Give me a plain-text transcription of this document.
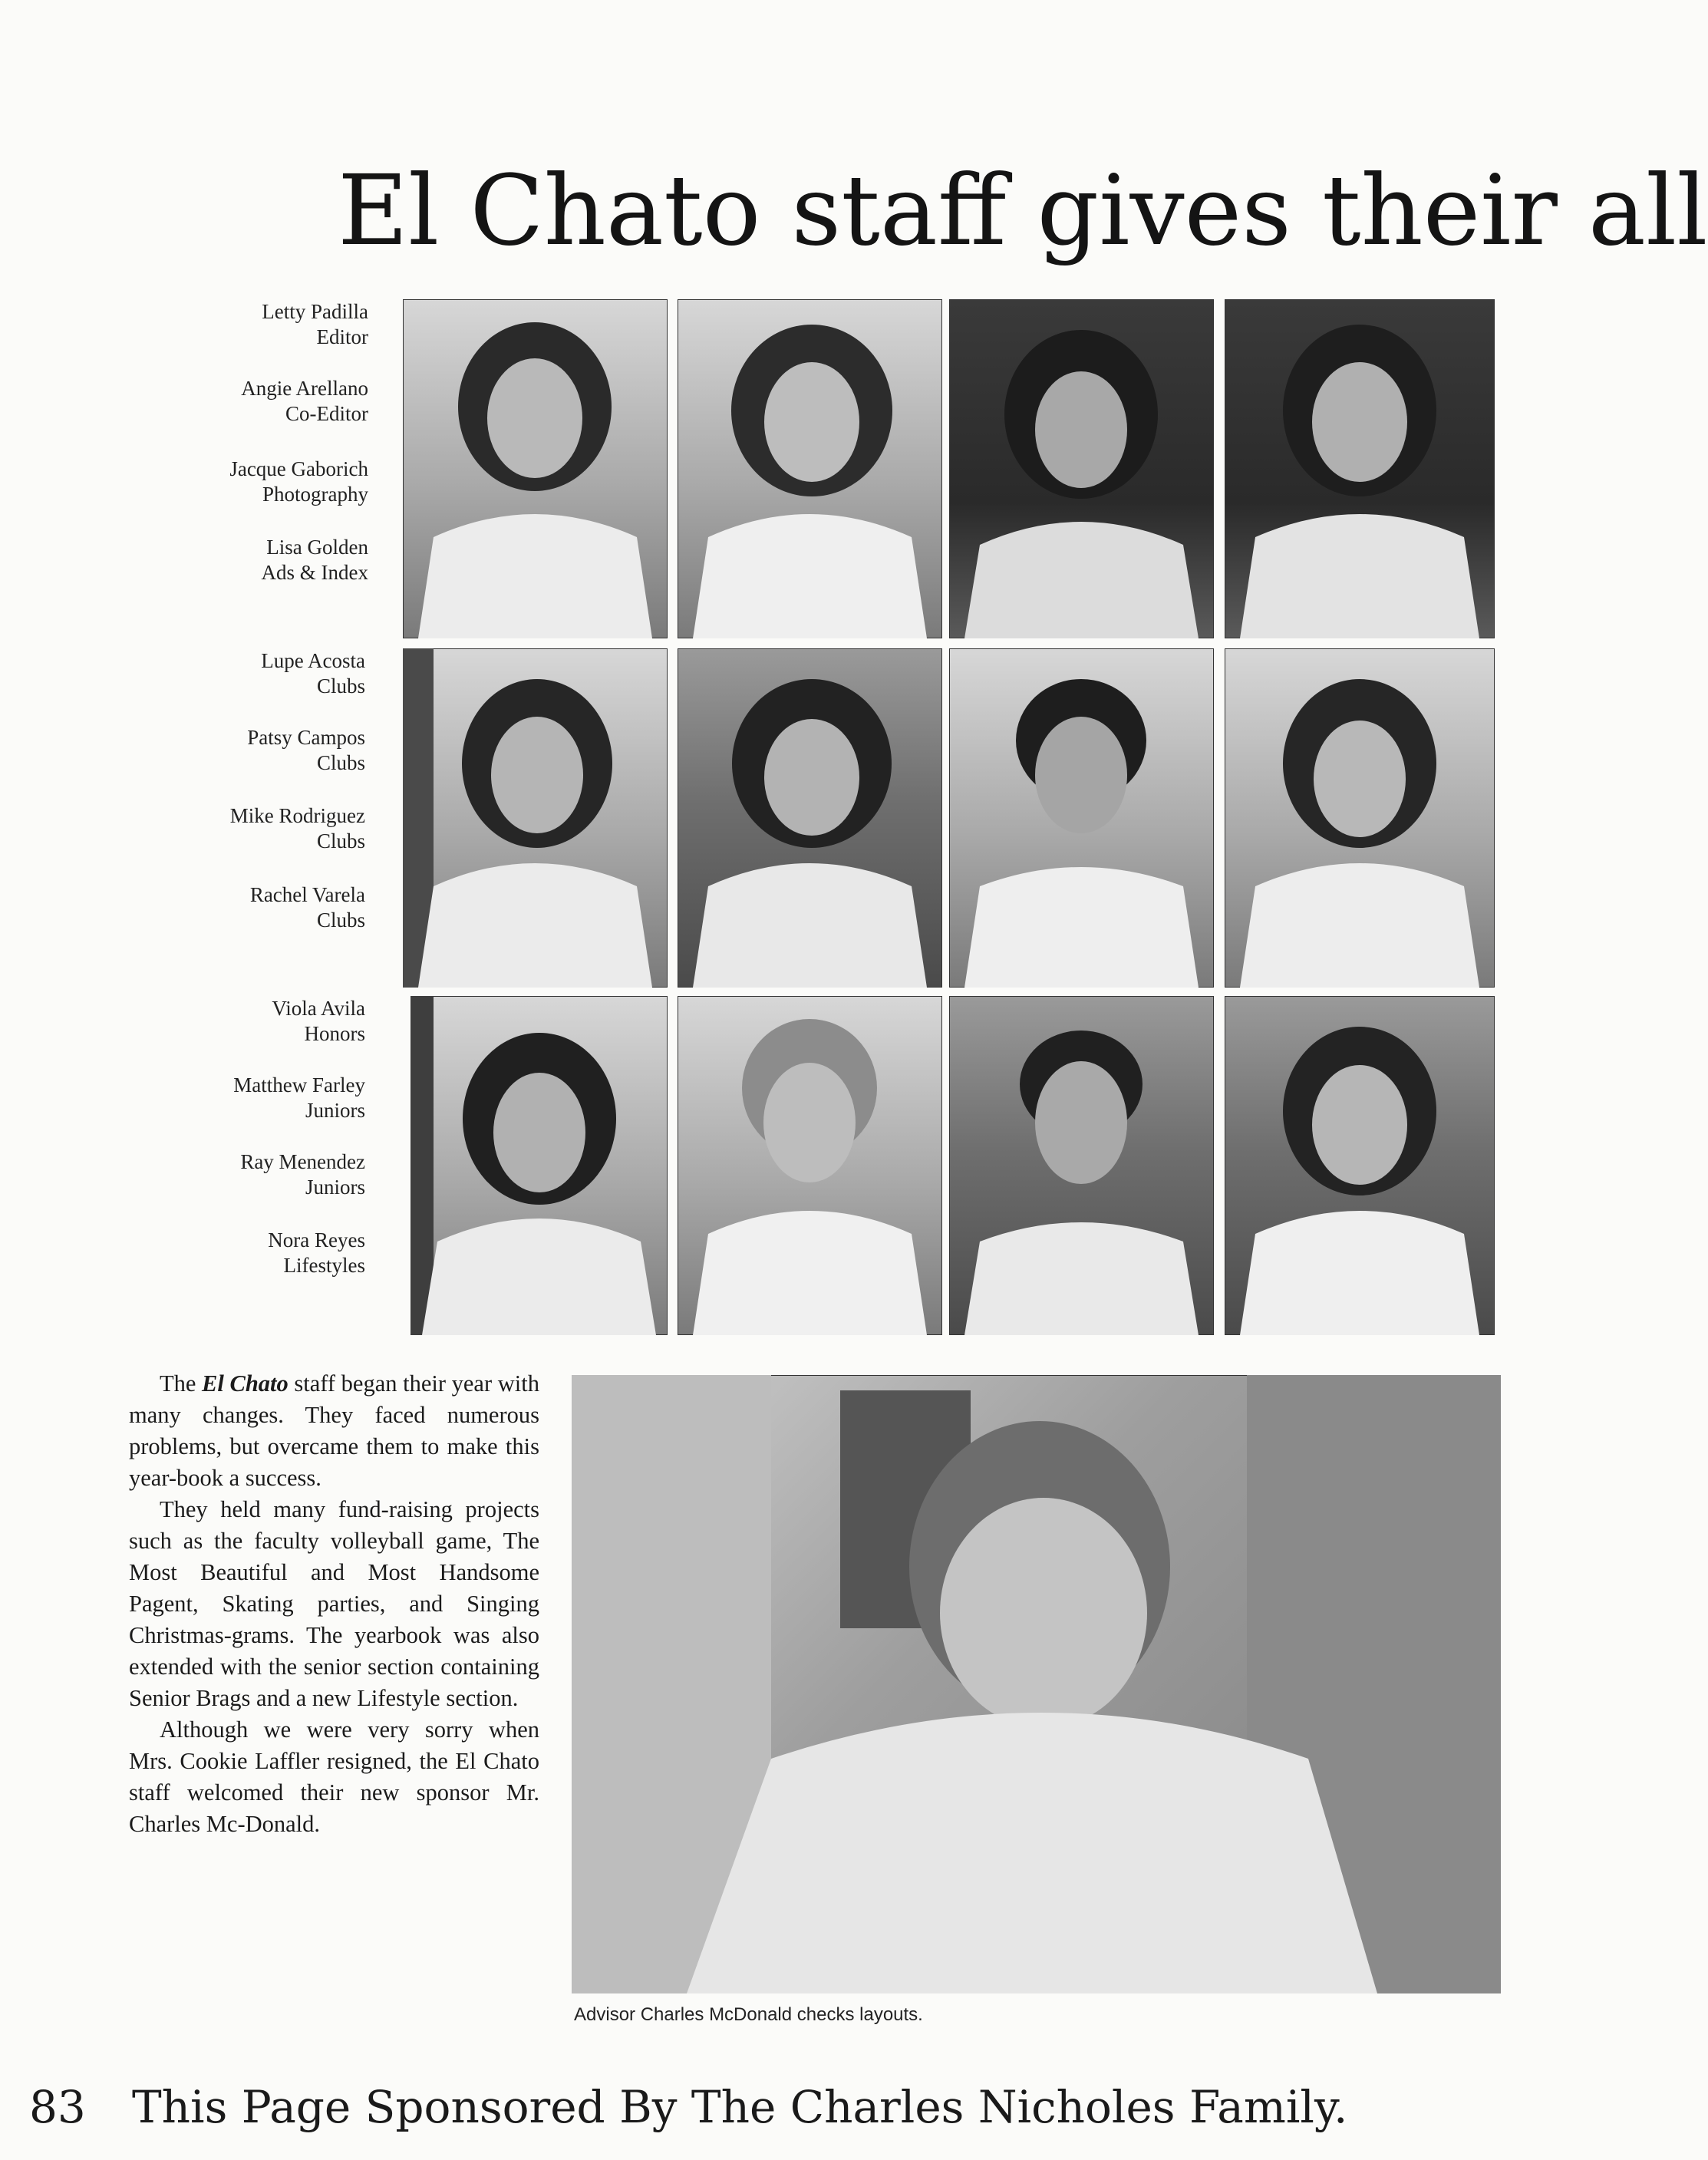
El Chato staff gives their all
Letty Padilla
Editor
Angie Arellano
Co-Editor
Jacque Gaborich
Photography
Lisa Golden
Ads & Index
Lupe Acosta
Clubs
Patsy Campos
Clubs
Mike Rodriguez
Clubs
Rachel Varela
Clubs
Viola Avila
Honors
Matthew Farley
Juniors
Ray Menendez
Juniors
Nora Reyes
Lifestyles

The El Chato staff began their year with many changes. They faced numerous problems, but overcame them to make this year-book a success.

They held many fund-raising projects such as the faculty volleyball game, The Most Beautiful and Most Handsome Pagent, Skating parties, and Singing Christmas-grams. The yearbook was also extended with the senior section containing Senior Brags and a new Lifestyle section.

Although we were very sorry when Mrs. Cookie Laffler resigned, the El Chato staff welcomed their new sponsor Mr. Charles Mc-Donald.

Advisor Charles McDonald checks layouts.
83 This Page Sponsored By The Charles Nicholes Family.
